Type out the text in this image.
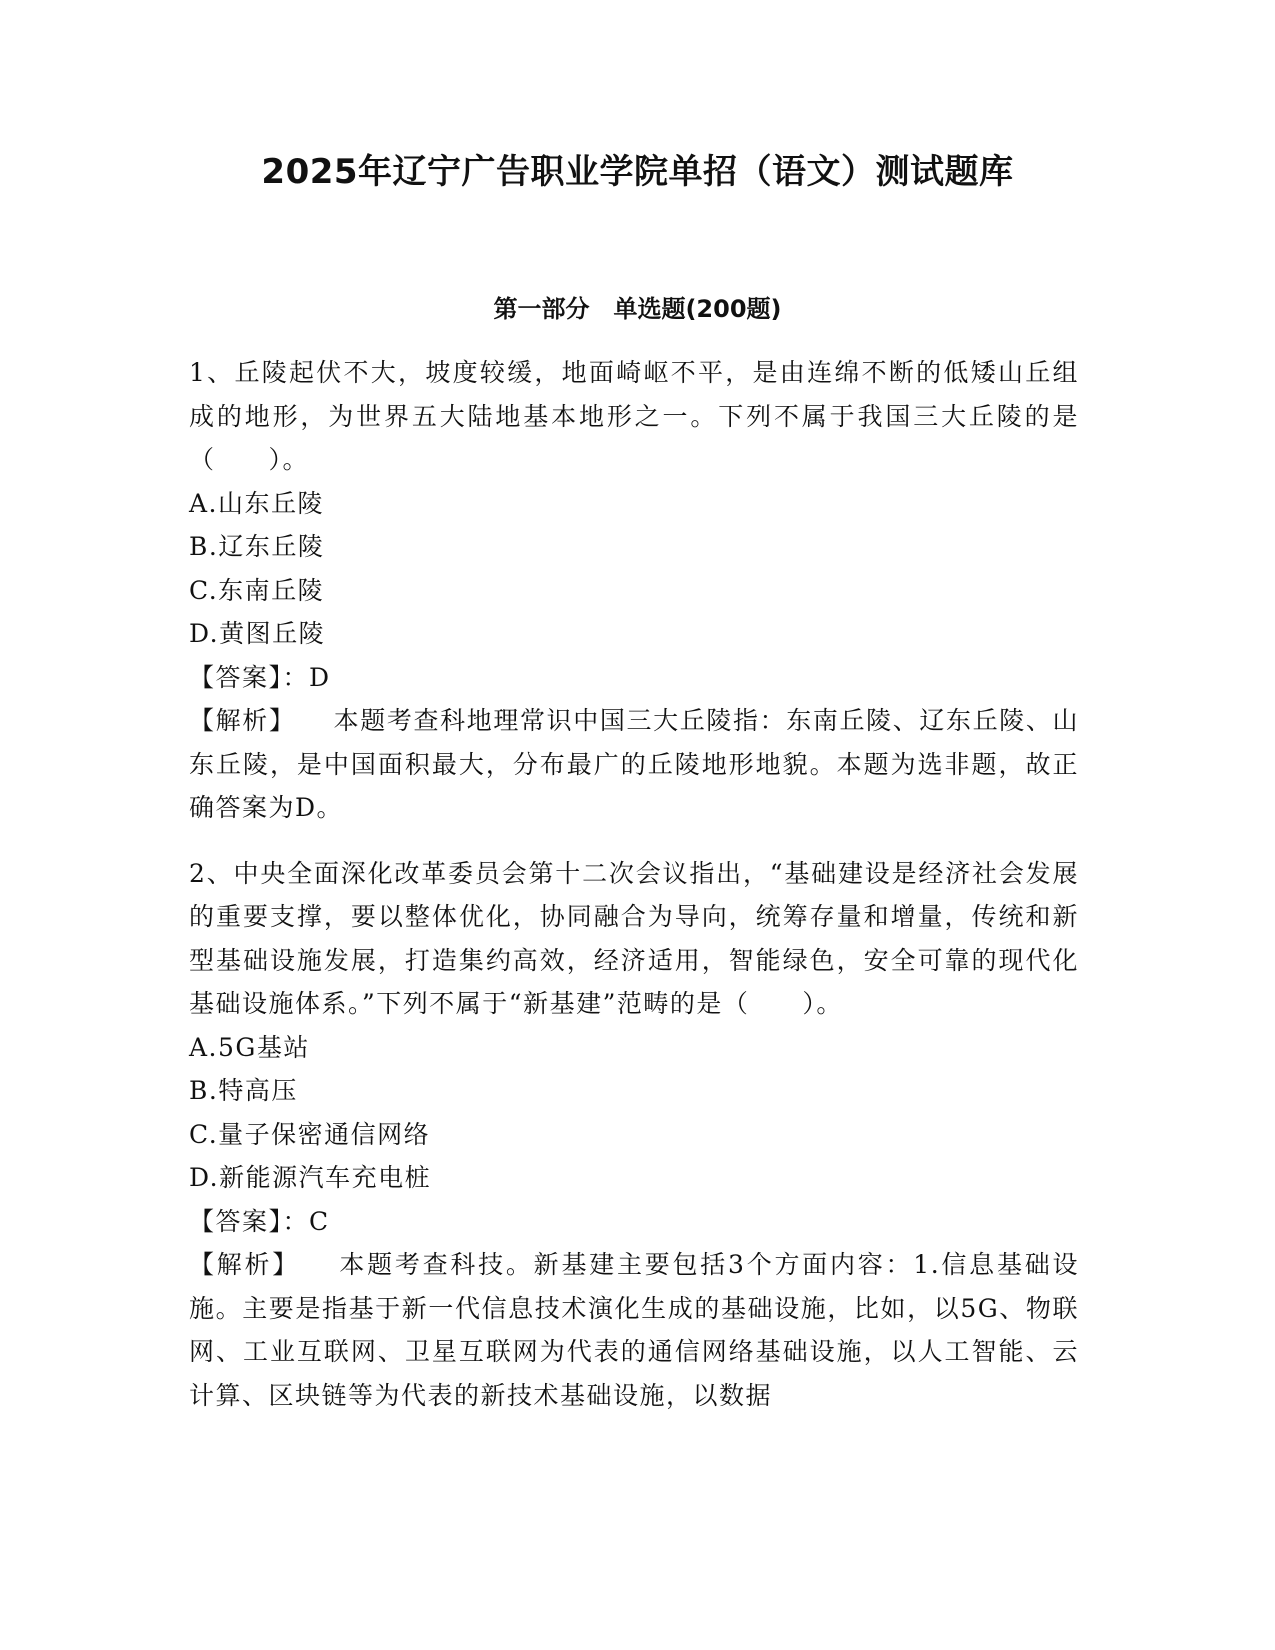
2025年辽宁广告职业学院单招（语文）测试题库
第一部分　单选题(200题)

1、丘陵起伏不大，坡度较缓，地面崎岖不平，是由连绵不断的低矮山丘组成的地形，为世界五大陆地基本地形之一。下列不属于我国三大丘陵的是（　　）。

A.山东丘陵

B.辽东丘陵

C.东南丘陵

D.黄图丘陵

【答案】：D

【解析】 本题考查科地理常识中国三大丘陵指：东南丘陵、辽东丘陵、山东丘陵，是中国面积最大，分布最广的丘陵地形地貌。本题为选非题，故正确答案为D。

2、中央全面深化改革委员会第十二次会议指出，“基础建设是经济社会发展的重要支撑，要以整体优化，协同融合为导向，统筹存量和增量，传统和新型基础设施发展，打造集约高效，经济适用，智能绿色，安全可靠的现代化基础设施体系。”下列不属于“新基建”范畴的是（　　）。

A.5G基站

B.特高压

C.量子保密通信网络

D.新能源汽车充电桩

【答案】：C

【解析】 本题考查科技。新基建主要包括3个方面内容：1.信息基础设施。主要是指基于新一代信息技术演化生成的基础设施，比如，以5G、物联网、工业互联网、卫星互联网为代表的通信网络基础设施，以人工智能、云计算、区块链等为代表的新技术基础设施，以数据
